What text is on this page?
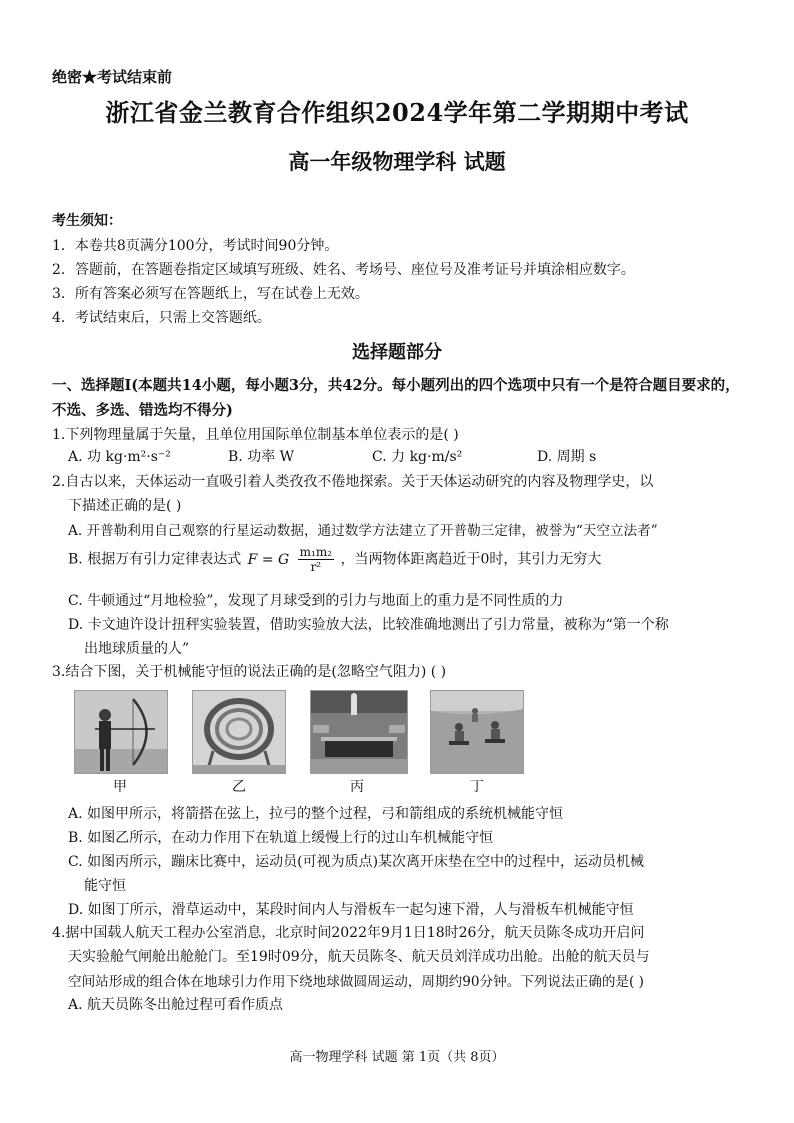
绝密★考试结束前
浙江省金兰教育合作组织2024学年第二学期期中考试
高一年级物理学科 试题
考生须知：
1．本卷共8页满分100分，考试时间90分钟。
2．答题前，在答题卷指定区域填写班级、姓名、考场号、座位号及准考证号并填涂相应数字。
3．所有答案必须写在答题纸上，写在试卷上无效。
4．考试结束后，只需上交答题纸。
选择题部分
一、选择题Ⅰ(本题共14小题，每小题3分，共42分。每小题列出的四个选项中只有一个是符合题目要求的，不选、多选、错选均不得分)
1.下列物理量属于矢量，且单位用国际单位制基本单位表示的是( )
A. 功 kg·m²·s⁻²	B. 功率 W	C. 力 kg·m/s²	D. 周期 s
2.自古以来，天体运动一直吸引着人类孜孜不倦地探索。关于天体运动研究的内容及物理学史，以
下描述正确的是( )
A. 开普勒利用自己观察的行星运动数据，通过数学方法建立了开普勒三定律，被誉为“天空立法者”
B. 根据万有引力定律表达式 F = G $\frac{\text{m₁m₂}}{\text{r²}}$ ，当两物体距离趋近于0时，其引力无穷大
C. 牛顿通过“月地检验”，发现了月球受到的引力与地面上的重力是不同性质的力
D. 卡文迪许设计扭秤实验装置，借助实验放大法，比较准确地测出了引力常量，被称为“第一个称
出地球质量的人”
3.结合下图，关于机械能守恒的说法正确的是(忽略空气阻力) ( )
甲	乙	丙	丁
A. 如图甲所示，将箭搭在弦上，拉弓的整个过程，弓和箭组成的系统机械能守恒
B. 如图乙所示，在动力作用下在轨道上缓慢上行的过山车机械能守恒
C. 如图丙所示，蹦床比赛中，运动员(可视为质点)某次离开床垫在空中的过程中，运动员机械
能守恒
D. 如图丁所示，滑草运动中，某段时间内人与滑板车一起匀速下滑，人与滑板车机械能守恒
4.据中国载人航天工程办公室消息，北京时间2022年9月1日18时26分，航天员陈冬成功开启问
天实验舱气闸舱出舱舱门。至19时09分，航天员陈冬、航天员刘洋成功出舱。出舱的航天员与
空间站形成的组合体在地球引力作用下绕地球做圆周运动，周期约90分钟。下列说法正确的是( )
A. 航天员陈冬出舱过程可看作质点
高一物理学科 试题 第 1页（共 8页）
